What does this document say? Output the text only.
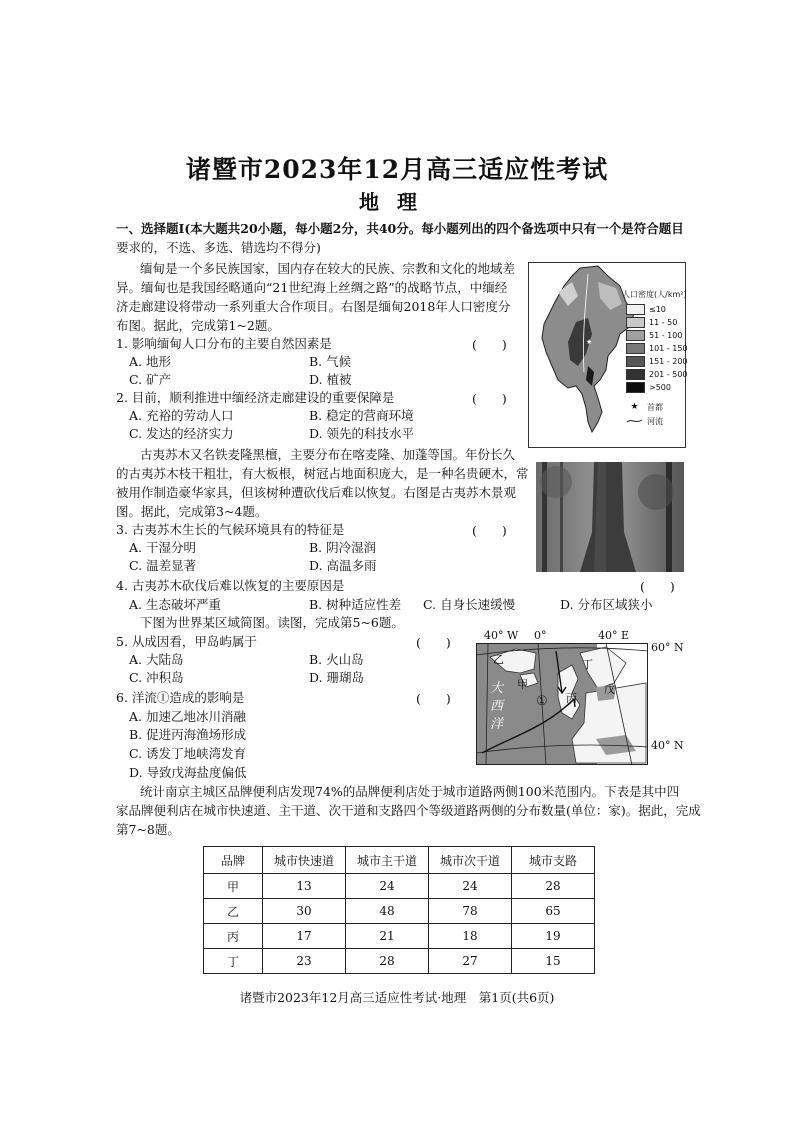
诸暨市2023年12月高三适应性考试
地理
一、选择题Ⅰ(本大题共20小题，每小题2分，共40分。每小题列出的四个备选项中只有一个是符合题目
要求的，不选、多选、错选均不得分)
缅甸是一个多民族国家，国内存在较大的民族、宗教和文化的地域差
异。缅甸也是我国经略通向“21世纪海上丝绸之路”的战略节点，中缅经
济走廊建设将带动一系列重大合作项目。右图是缅甸2018年人口密度分
布图。据此，完成第1~2题。
1. 影响缅甸人口分布的主要自然因素是	(　　)
A. 地形	B. 气候
C. 矿产	D. 植被
2. 目前，顺利推进中缅经济走廊建设的重要保障是	(　　)
A. 充裕的劳动人口	B. 稳定的营商环境
C. 发达的经济实力	D. 领先的科技水平
★
人口密度(人/km²)
≤10
11 - 50
51 - 100
101 - 150
151 - 200
201 - 500
>500
★	首都
河流
古夷苏木又名铁麦隆黑檀，主要分布在喀麦隆、加蓬等国。年份长久
的古夷苏木枝干粗壮，有大板根，树冠占地面积庞大，是一种名贵硬木，常
被用作制造豪华家具，但该树种遭砍伐后难以恢复。右图是古夷苏木景观
图。据此，完成第3~4题。
3. 古夷苏木生长的气候环境具有的特征是	(　　)
A. 干湿分明	B. 阴冷湿润
C. 温差显著	D. 高温多雨
4. 古夷苏木砍伐后难以恢复的主要原因是	(　　)
A. 生态破坏严重	B. 树种适应性差 C. 自身长速缓慢	D. 分布区域狭小
下图为世界某区域简图。读图，完成第5~6题。
5. 从成因看，甲岛屿属于	(　　)
A. 大陆岛	B. 火山岛
C. 冲积岛	D. 珊瑚岛
6. 洋流①造成的影响是	(　　)
A. 加速乙地冰川消融
B. 促进丙海渔场形成
C. 诱发丁地峡湾发育
D. 导致戊海盐度偏低
40° W 0°	40° E
60° N
40° N
乙
甲
丁
丙
戊
①
大
西
洋
统计南京主城区品牌便利店发现74%的品牌便利店处于城市道路两侧100米范围内。下表是其中四
家品牌便利店在城市快速道、主干道、次干道和支路四个等级道路两侧的分布数量(单位：家)。据此，完成
第7~8题。
品牌	城市快速道	城市主干道	城市次干道	城市支路
甲	13	24	24	28
乙	30	48	78	65
丙	17	21	18	19
丁	23	28	27	15
诸暨市2023年12月高三适应性考试·地理　第1页(共6页)
